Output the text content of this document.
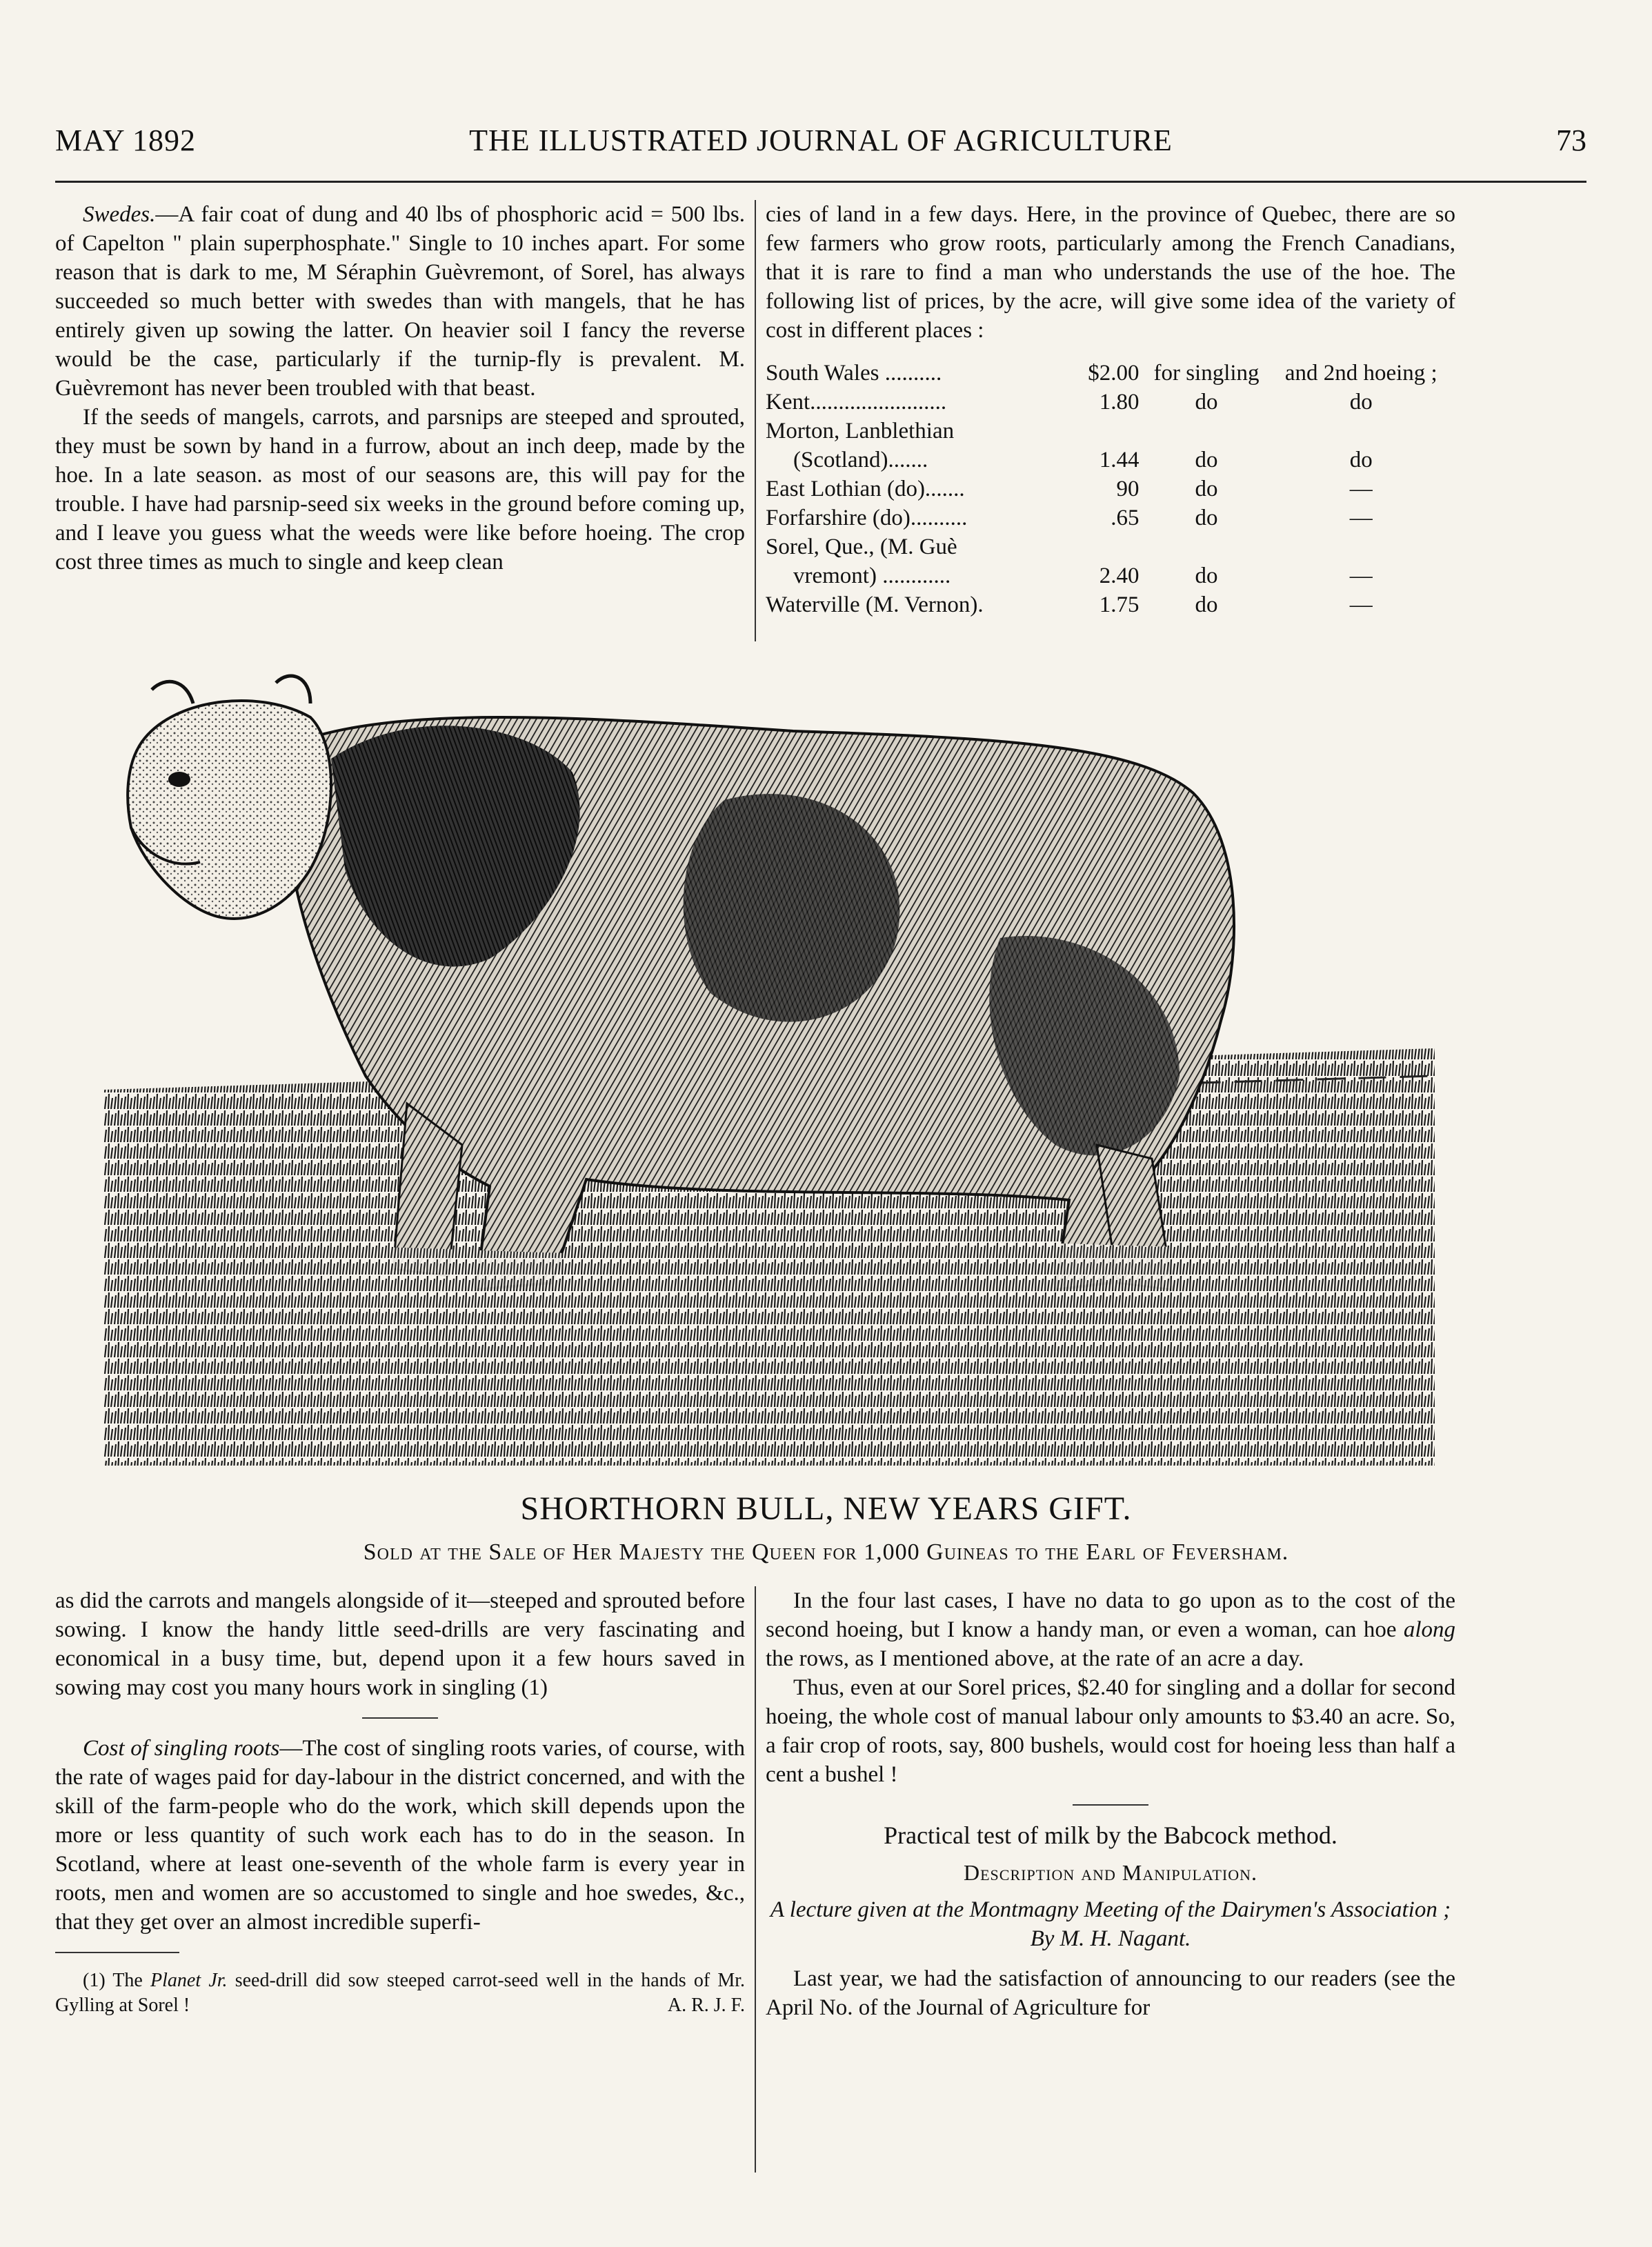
MAY 1892	THE ILLUSTRATED JOURNAL OF AGRICULTURE	73

Swedes.—A fair coat of dung and 40 lbs of phosphoric acid = 500 lbs. of Capelton " plain superphosphate." Single to 10 inches apart. For some reason that is dark to me, M Séraphin Guèvremont, of Sorel, has always succeeded so much better with swedes than with mangels, that he has entirely given up sowing the latter. On heavier soil I fancy the reverse would be the case, particularly if the turnip-fly is prevalent. M. Guèvremont has never been troubled with that beast.

If the seeds of mangels, carrots, and parsnips are steeped and sprouted, they must be sown by hand in a furrow, about an inch deep, made by the hoe. In a late season. as most of our seasons are, this will pay for the trouble. I have had parsnip-seed six weeks in the ground before coming up, and I leave you guess what the weeds were like before hoeing. The crop cost three times as much to single and keep clean

cies of land in a few days. Here, in the province of Quebec, there are so few farmers who grow roots, particularly among the French Canadians, that it is rare to find a man who understands the use of the hoe. The following list of prices, by the acre, will give some idea of the variety of cost in different places :

South Wales ..........	$2.00	for singling	and 2nd hoeing ;
Kent........................	1.80	do	do
Morton, Lanblethian			
(Scotland).......	1.44	do	do
East Lothian (do).......	90	do	—
Forfarshire (do)..........	.65	do	—
Sorel, Que., (M. Guè			
vremont) ............	2.40	do	—
Waterville (M. Vernon).	1.75	do	—
SHORTHORN BULL, NEW YEARS GIFT.
Sold at the Sale of Her Majesty the Queen for 1,000 Guineas to the Earl of Feversham.

as did the carrots and mangels alongside of it—steeped and sprouted before sowing. I know the handy little seed-drills are very fascinating and economical in a busy time, but, depend upon it a few hours saved in sowing may cost you many hours work in singling (1)

Cost of singling roots—The cost of singling roots varies, of course, with the rate of wages paid for day-labour in the district concerned, and with the skill of the farm-people who do the work, which skill depends upon the more or less quantity of such work each has to do in the season. In Scotland, where at least one-seventh of the whole farm is every year in roots, men and women are so accustomed to single and hoe swedes, &c., that they get over an almost incredible superfi-

(1) The Planet Jr. seed-drill did sow steeped carrot-seed well in the hands of Mr. Gylling at Sorel !	A. R. J. F.

In the four last cases, I have no data to go upon as to the cost of the second hoeing, but I know a handy man, or even a woman, can hoe along the rows, as I mentioned above, at the rate of an acre a day.

Thus, even at our Sorel prices, $2.40 for singling and a dollar for second hoeing, the whole cost of manual labour only amounts to $3.40 an acre. So, a fair crop of roots, say, 800 bushels, would cost for hoeing less than half a cent a bushel !

Practical test of milk by the Babcock method.

Description and Manipulation.

A lecture given at the Montmagny Meeting of the Dairymen's Association ; By M. H. Nagant.

Last year, we had the satisfaction of announcing to our readers (see the April No. of the Journal of Agriculture for
